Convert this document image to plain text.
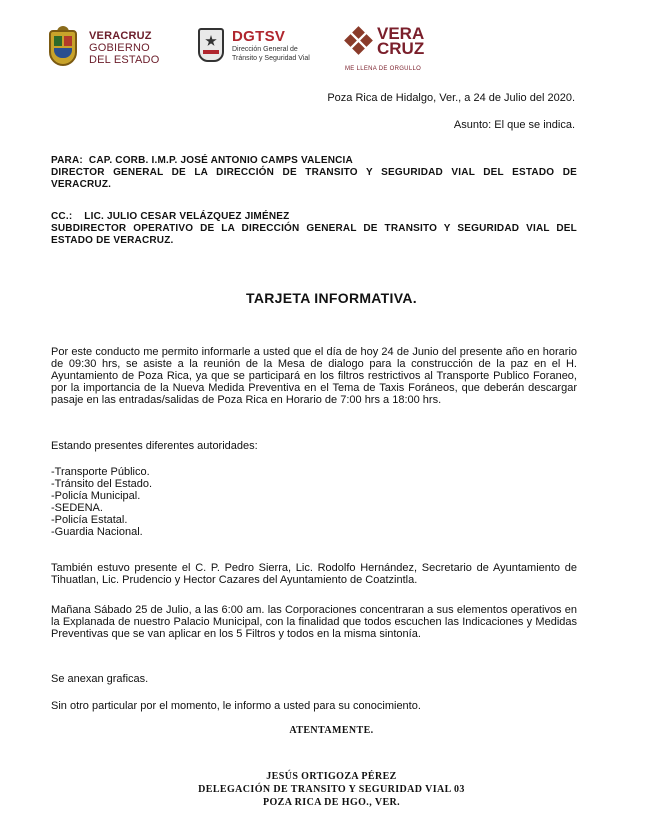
VERACRUZ
GOBIERNO
DEL ESTADO
DGTSV
Dirección General de
Tránsito y Seguridad Vial
VERA
CRUZ
ME LLENA DE ORGULLO

Poza Rica de Hidalgo, Ver., a 24 de Julio del 2020.

Asunto: El que se indica.

PARA: CAP. CORB. I.M.P. JOSÉ ANTONIO CAMPS VALENCIA
DIRECTOR GENERAL DE LA DIRECCIÓN DE TRANSITO Y SEGURIDAD VIAL DEL ESTADO DE
VERACRUZ.
CC.: LIC. JULIO CESAR VELÁZQUEZ JIMÉNEZ
SUBDIRECTOR OPERATIVO DE LA DIRECCIÓN GENERAL DE TRANSITO Y SEGURIDAD VIAL DEL
ESTADO DE VERACRUZ.

TARJETA INFORMATIVA.

Por este conducto me permito informarle a usted que el día de hoy 24 de Junio del presente año en horario de 09:30 hrs, se asiste a la reunión de la Mesa de dialogo para la construcción de la paz en el H. Ayuntamiento de Poza Rica, ya que se participará en los filtros restrictivos al Transporte Publico Foraneo, por la importancia de la Nueva Medida Preventiva en el Tema de Taxis Foráneos, que deberán descargar pasaje en las entradas/salidas de Poza Rica en Horario de 7:00 hrs a 18:00 hrs.

Estando presentes diferentes autoridades:

-Transporte Público.
-Tránsito del Estado.
-Policía Municipal.
-SEDENA.
-Policía Estatal.
-Guardia Nacional.

También estuvo presente el C. P. Pedro Sierra, Lic. Rodolfo Hernández, Secretario de Ayuntamiento de Tihuatlan, Lic. Prudencio y Hector Cazares del Ayuntamiento de Coatzintla.

Mañana Sábado 25 de Julio, a las 6:00 am. las Corporaciones concentraran a sus elementos operativos en la Explanada de nuestro Palacio Municipal, con la finalidad que todos escuchen las Indicaciones y Medidas Preventivas que se van aplicar en los 5 Filtros y todos en la misma sintonía.

Se anexan graficas.

Sin otro particular por el momento, le informo a usted para su conocimiento.

ATENTAMENTE.

JESÚS ORTIGOZA PÉREZ
DELEGACIÓN DE TRANSITO Y SEGURIDAD VIAL 03
POZA RICA DE HGO., VER.
